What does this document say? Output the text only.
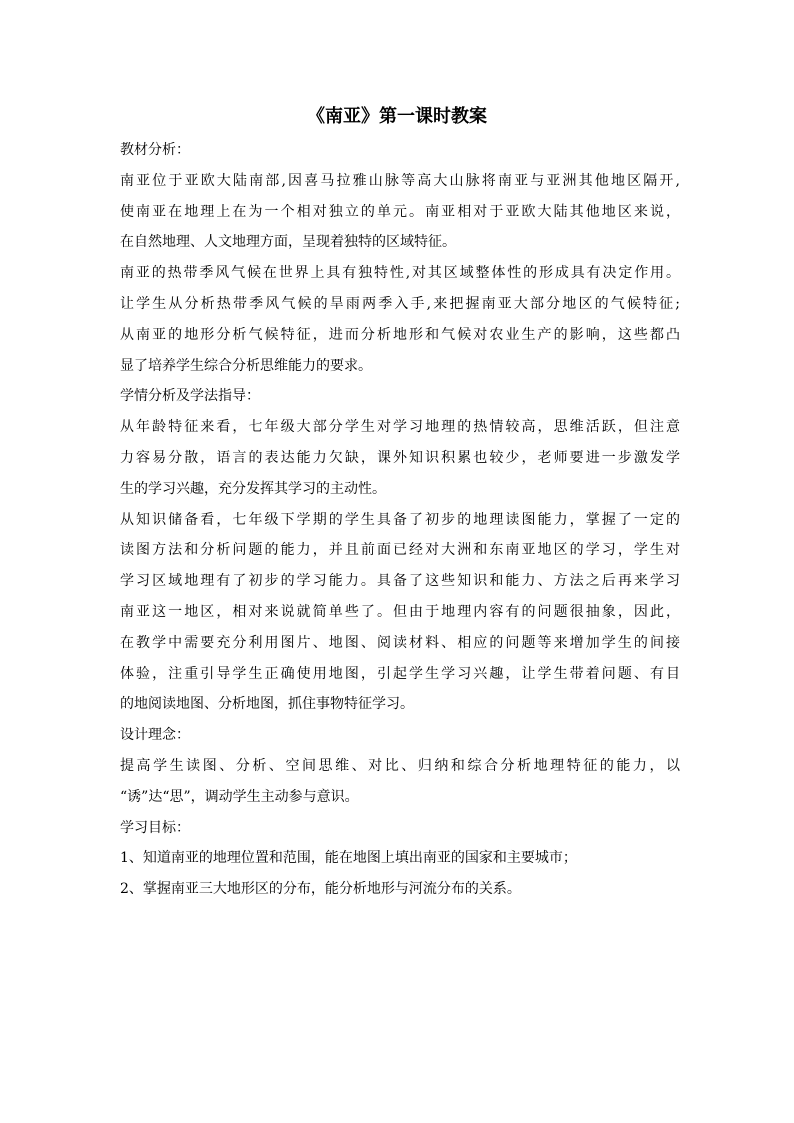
《南亚》第一课时教案
教材分析：
南亚位于亚欧大陆南部,因喜马拉雅山脉等高大山脉将南亚与亚洲其他地区隔开,
使南亚在地理上在为一个相对独立的单元。南亚相对于亚欧大陆其他地区来说，
在自然地理、人文地理方面，呈现着独特的区域特征。
南亚的热带季风气候在世界上具有独特性,对其区域整体性的形成具有决定作用。
让学生从分析热带季风气候的旱雨两季入手,来把握南亚大部分地区的气候特征;
从南亚的地形分析气候特征，进而分析地形和气候对农业生产的影响，这些都凸
显了培养学生综合分析思维能力的要求。
学情分析及学法指导：
从年龄特征来看，七年级大部分学生对学习地理的热情较高，思维活跃，但注意
力容易分散，语言的表达能力欠缺，课外知识积累也较少，老师要进一步激发学
生的学习兴趣，充分发挥其学习的主动性。
从知识储备看，七年级下学期的学生具备了初步的地理读图能力，掌握了一定的
读图方法和分析问题的能力，并且前面已经对大洲和东南亚地区的学习，学生对
学习区域地理有了初步的学习能力。具备了这些知识和能力、方法之后再来学习
南亚这一地区，相对来说就简单些了。但由于地理内容有的问题很抽象，因此，
在教学中需要充分利用图片、地图、阅读材料、相应的问题等来增加学生的间接
体验，注重引导学生正确使用地图，引起学生学习兴趣，让学生带着问题、有目
的地阅读地图、分析地图，抓住事物特征学习。
设计理念：
提高学生读图、分析、空间思维、对比、归纳和综合分析地理特征的能力，以
“诱”达“思”，调动学生主动参与意识。
学习目标：
1、知道南亚的地理位置和范围，能在地图上填出南亚的国家和主要城市；
2、掌握南亚三大地形区的分布，能分析地形与河流分布的关系。
